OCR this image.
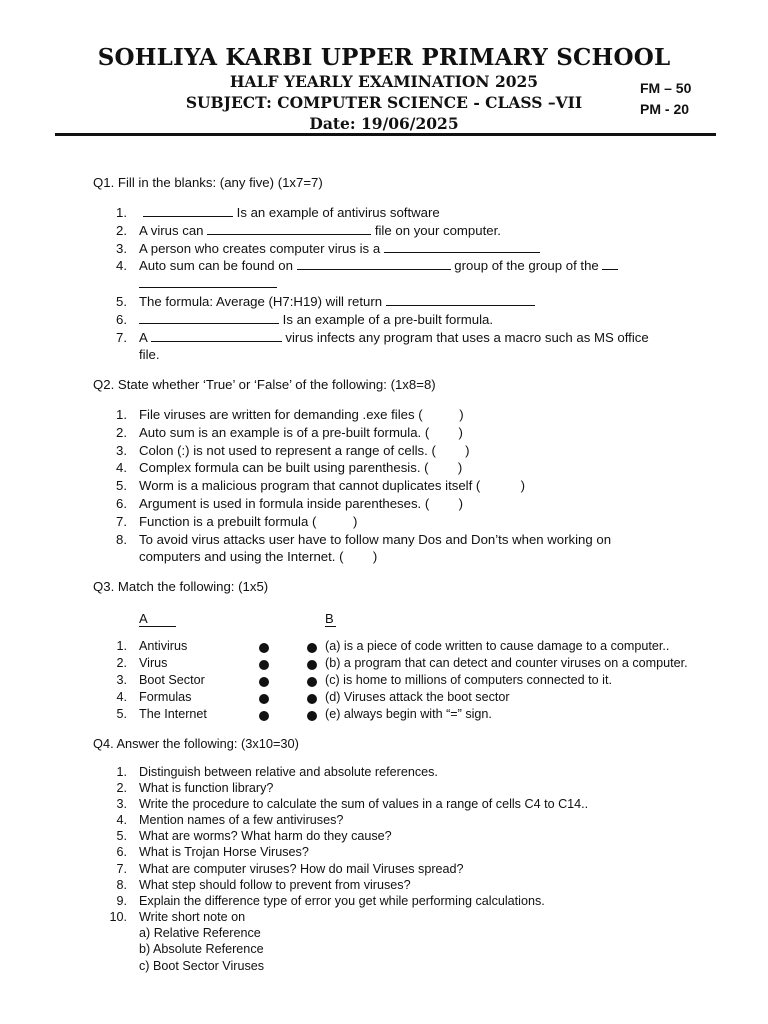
SOHLIYA KARBI UPPER PRIMARY SCHOOL
HALF YEARLY EXAMINATION 2025
SUBJECT: COMPUTER SCIENCE - CLASS –VII
Date: 19/06/2025
FM – 50
PM - 20
Q1. Fill in the blanks: (any five) (1x7=7)
1.	Is an example of antivirus software
2. A virus can	file on your computer.
3. A person who creates computer virus is a
4. Auto sum can be found on	group of the group of the

5. The formula: Average (H7:H19) will return
6.	Is an example of a pre-built formula.
7. A	virus infects any program that uses a macro such as MS office
file.
Q2. State whether ‘True’ or ‘False’ of the following: (1x8=8)
1. File viruses are written for demanding .exe files (          )
2. Auto sum is an example is of a pre-built formula. (        )
3. Colon (:) is not used to represent a range of cells. (        )
4. Complex formula can be built using parenthesis. (        )
5. Worm is a malicious program that cannot duplicates itself (           )
6. Argument is used in formula inside parentheses. (        )
7. Function is a prebuilt formula (          )
8. To avoid virus attacks user have to follow many Dos and Don’ts when working on
computers and using the Internet. (        )
Q3. Match the following: (1x5)
A	B
1. Antivirus	(a) is a piece of code written to cause damage to a computer..
2. Virus	(b) a program that can detect and counter viruses on a computer.
3. Boot Sector	(c) is home to millions of computers connected to it.
4. Formulas	(d) Viruses attack the boot sector
5. The Internet	(e) always begin with “=” sign.
Q4. Answer the following: (3x10=30)
1. Distinguish between relative and absolute references.
2. What is function library?
3. Write the procedure to calculate the sum of values in a range of cells C4 to C14..
4. Mention names of a few antiviruses?
5. What are worms? What harm do they cause?
6. What is Trojan Horse Viruses?
7. What are computer viruses? How do mail Viruses spread?
8. What step should follow to prevent from viruses?
9. Explain the difference type of error you get while performing calculations.
10. Write short note on
a) Relative Reference
b) Absolute Reference
c) Boot Sector Viruses
